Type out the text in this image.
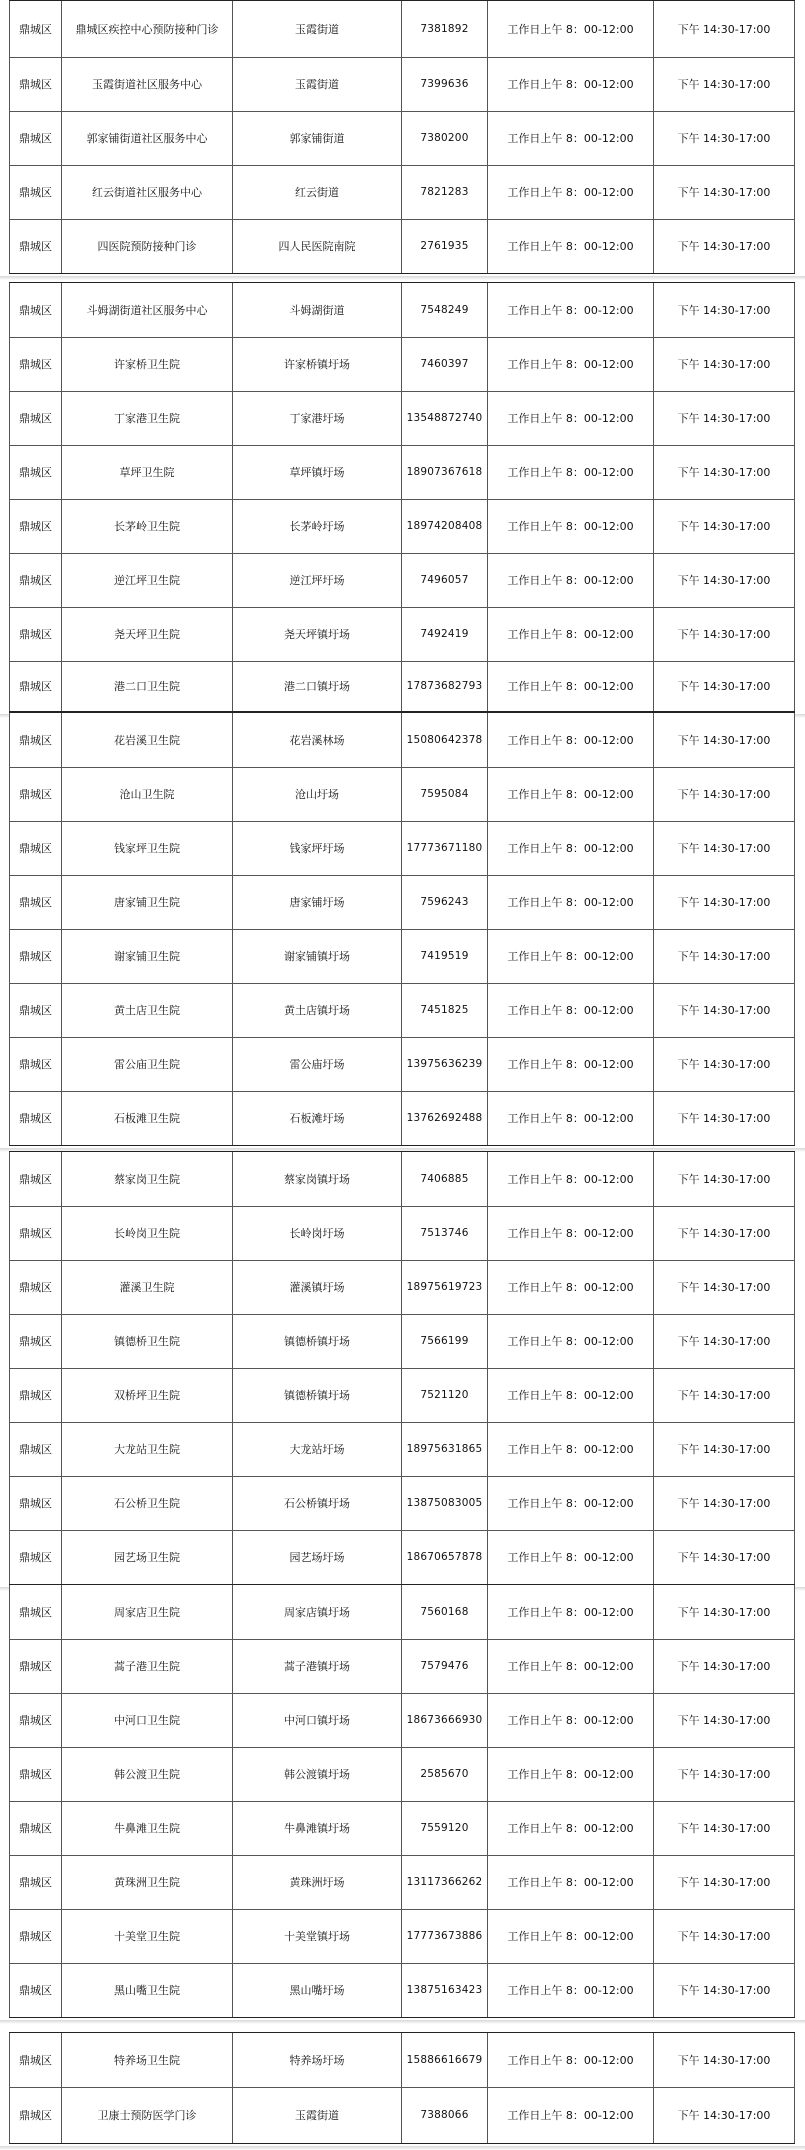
鼎城区	鼎城区疾控中心预防接种门诊	玉霞街道	7381892	工作日上午 8：00-12:00	下午 14:30-17:00
鼎城区	玉霞街道社区服务中心	玉霞街道	7399636	工作日上午 8：00-12:00	下午 14:30-17:00
鼎城区	郭家铺街道社区服务中心	郭家铺街道	7380200	工作日上午 8：00-12:00	下午 14:30-17:00
鼎城区	红云街道社区服务中心	红云街道	7821283	工作日上午 8：00-12:00	下午 14:30-17:00
鼎城区	四医院预防接种门诊	四人民医院南院	2761935	工作日上午 8：00-12:00	下午 14:30-17:00
鼎城区	斗姆湖街道社区服务中心	斗姆湖街道	7548249	工作日上午 8：00-12:00	下午 14:30-17:00
鼎城区	许家桥卫生院	许家桥镇圩场	7460397	工作日上午 8：00-12:00	下午 14:30-17:00
鼎城区	丁家港卫生院	丁家港圩场	13548872740	工作日上午 8：00-12:00	下午 14:30-17:00
鼎城区	草坪卫生院	草坪镇圩场	18907367618	工作日上午 8：00-12:00	下午 14:30-17:00
鼎城区	长茅岭卫生院	长茅岭圩场	18974208408	工作日上午 8：00-12:00	下午 14:30-17:00
鼎城区	逆江坪卫生院	逆江坪圩场	7496057	工作日上午 8：00-12:00	下午 14:30-17:00
鼎城区	尧天坪卫生院	尧天坪镇圩场	7492419	工作日上午 8：00-12:00	下午 14:30-17:00
鼎城区	港二口卫生院	港二口镇圩场	17873682793	工作日上午 8：00-12:00	下午 14:30-17:00
鼎城区	花岩溪卫生院	花岩溪林场	15080642378	工作日上午 8：00-12:00	下午 14:30-17:00
鼎城区	沧山卫生院	沧山圩场	7595084	工作日上午 8：00-12:00	下午 14:30-17:00
鼎城区	钱家坪卫生院	钱家坪圩场	17773671180	工作日上午 8：00-12:00	下午 14:30-17:00
鼎城区	唐家铺卫生院	唐家铺圩场	7596243	工作日上午 8：00-12:00	下午 14:30-17:00
鼎城区	谢家铺卫生院	谢家铺镇圩场	7419519	工作日上午 8：00-12:00	下午 14:30-17:00
鼎城区	黄土店卫生院	黄土店镇圩场	7451825	工作日上午 8：00-12:00	下午 14:30-17:00
鼎城区	雷公庙卫生院	雷公庙圩场	13975636239	工作日上午 8：00-12:00	下午 14:30-17:00
鼎城区	石板滩卫生院	石板滩圩场	13762692488	工作日上午 8：00-12:00	下午 14:30-17:00
鼎城区	蔡家岗卫生院	蔡家岗镇圩场	7406885	工作日上午 8：00-12:00	下午 14:30-17:00
鼎城区	长岭岗卫生院	长岭岗圩场	7513746	工作日上午 8：00-12:00	下午 14:30-17:00
鼎城区	灌溪卫生院	灌溪镇圩场	18975619723	工作日上午 8：00-12:00	下午 14:30-17:00
鼎城区	镇德桥卫生院	镇德桥镇圩场	7566199	工作日上午 8：00-12:00	下午 14:30-17:00
鼎城区	双桥坪卫生院	镇德桥镇圩场	7521120	工作日上午 8：00-12:00	下午 14:30-17:00
鼎城区	大龙站卫生院	大龙站圩场	18975631865	工作日上午 8：00-12:00	下午 14:30-17:00
鼎城区	石公桥卫生院	石公桥镇圩场	13875083005	工作日上午 8：00-12:00	下午 14:30-17:00
鼎城区	园艺场卫生院	园艺场圩场	18670657878	工作日上午 8：00-12:00	下午 14:30-17:00
鼎城区	周家店卫生院	周家店镇圩场	7560168	工作日上午 8：00-12:00	下午 14:30-17:00
鼎城区	蒿子港卫生院	蒿子港镇圩场	7579476	工作日上午 8：00-12:00	下午 14:30-17:00
鼎城区	中河口卫生院	中河口镇圩场	18673666930	工作日上午 8：00-12:00	下午 14:30-17:00
鼎城区	韩公渡卫生院	韩公渡镇圩场	2585670	工作日上午 8：00-12:00	下午 14:30-17:00
鼎城区	牛鼻滩卫生院	牛鼻滩镇圩场	7559120	工作日上午 8：00-12:00	下午 14:30-17:00
鼎城区	黄珠洲卫生院	黄珠洲圩场	13117366262	工作日上午 8：00-12:00	下午 14:30-17:00
鼎城区	十美堂卫生院	十美堂镇圩场	17773673886	工作日上午 8：00-12:00	下午 14:30-17:00
鼎城区	黑山嘴卫生院	黑山嘴圩场	13875163423	工作日上午 8：00-12:00	下午 14:30-17:00
鼎城区	特养场卫生院	特养场圩场	15886616679	工作日上午 8：00-12:00	下午 14:30-17:00
鼎城区	卫康士预防医学门诊	玉霞街道	7388066	工作日上午 8：00-12:00	下午 14:30-17:00
